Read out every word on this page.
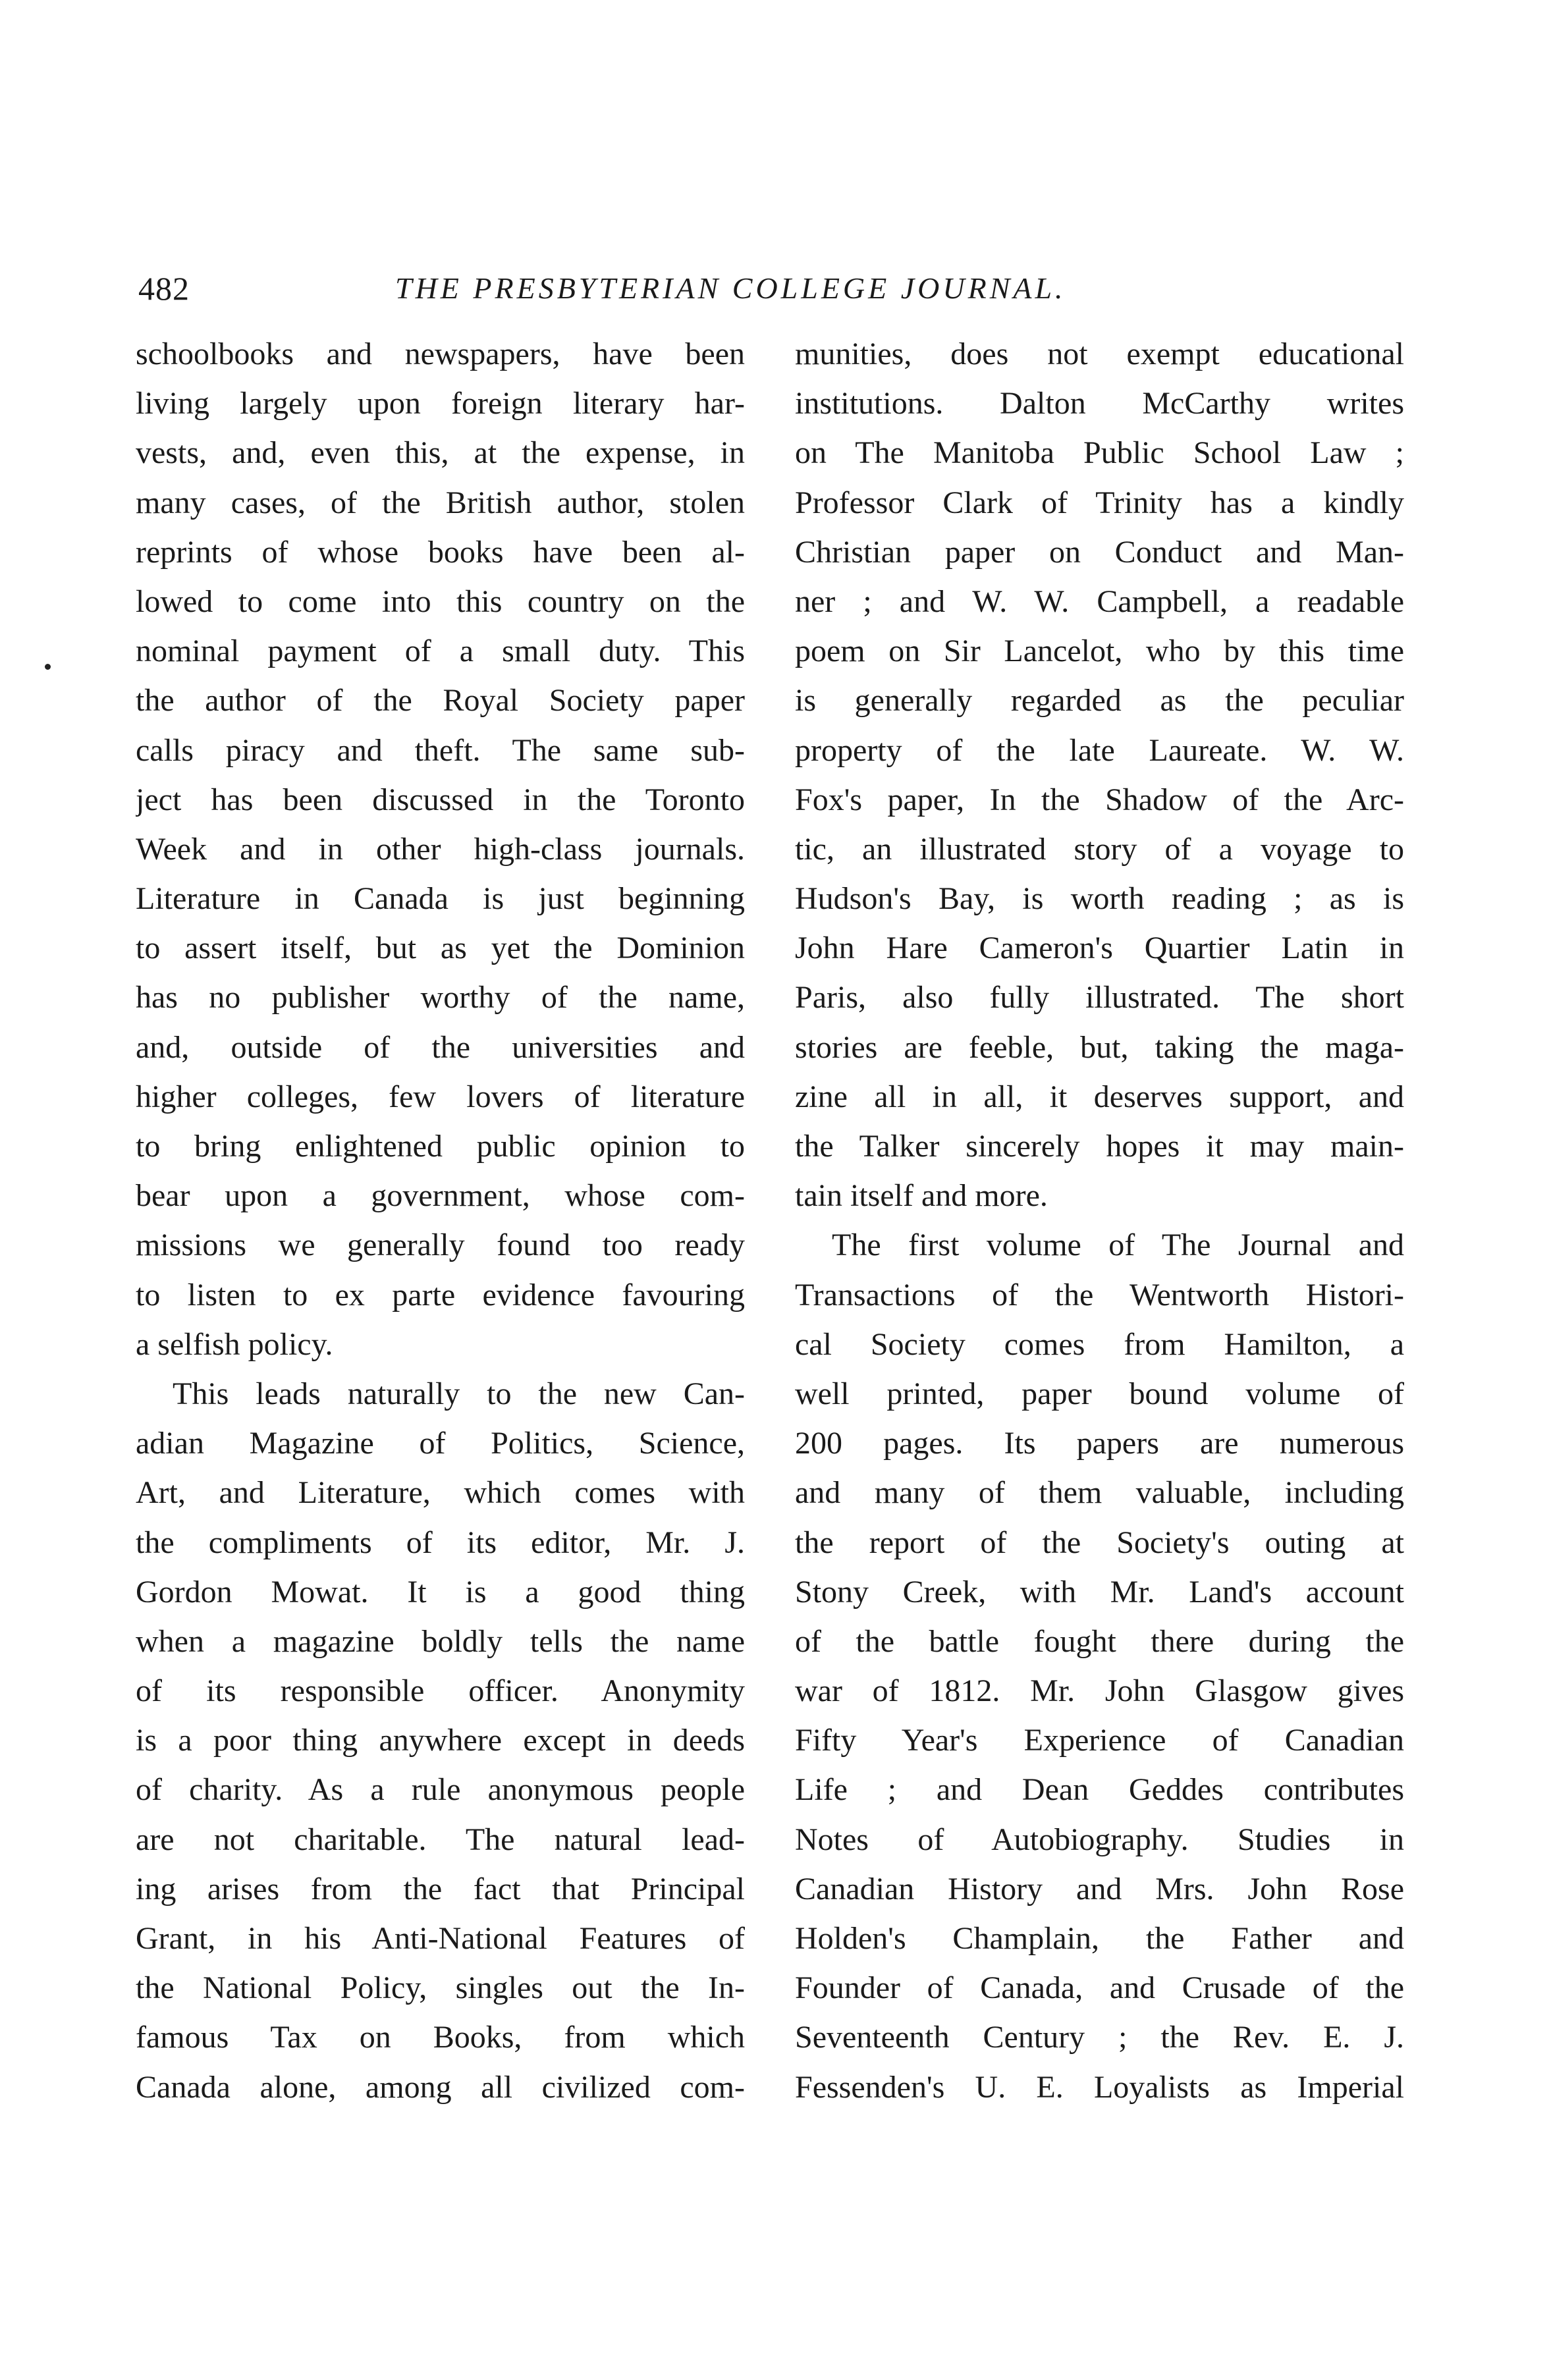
482	THE PRESBYTERIAN COLLEGE JOURNAL.
schoolbooks and newspapers, have been
living largely upon foreign literary har-
vests, and, even this, at the expense, in
many cases, of the British author, stolen
reprints of whose books have been al-
lowed to come into this country on the
nominal payment of a small duty. This
the author of the Royal Society paper
calls piracy and theft. The same sub-
ject has been discussed in the Toronto
Week and in other high-class journals.
Literature in Canada is just beginning
to assert itself, but as yet the Dominion
has no publisher worthy of the name,
and, outside of the universities and
higher colleges, few lovers of literature
to bring enlightened public opinion to
bear upon a government, whose com-
missions we generally found too ready
to listen to ex parte evidence favouring
a selfish policy.
This leads naturally to the new Can-
adian Magazine of Politics, Science,
Art, and Literature, which comes with
the compliments of its editor, Mr. J.
Gordon Mowat. It is a good thing
when a magazine boldly tells the name
of its responsible officer. Anonymity
is a poor thing anywhere except in deeds
of charity. As a rule anonymous people
are not charitable. The natural lead-
ing arises from the fact that Principal
Grant, in his Anti-National Features of
the National Policy, singles out the In-
famous Tax on Books, from which
Canada alone, among all civilized com-
munities, does not exempt educational
institutions. Dalton McCarthy writes
on The Manitoba Public School Law ;
Professor Clark of Trinity has a kindly
Christian paper on Conduct and Man-
ner ; and W. W. Campbell, a readable
poem on Sir Lancelot, who by this time
is generally regarded as the peculiar
property of the late Laureate. W. W.
Fox's paper, In the Shadow of the Arc-
tic, an illustrated story of a voyage to
Hudson's Bay, is worth reading ; as is
John Hare Cameron's Quartier Latin in
Paris, also fully illustrated. The short
stories are feeble, but, taking the maga-
zine all in all, it deserves support, and
the Talker sincerely hopes it may main-
tain itself and more.
The first volume of The Journal and
Transactions of the Wentworth Histori-
cal Society comes from Hamilton, a
well printed, paper bound volume of
200 pages. Its papers are numerous
and many of them valuable, including
the report of the Society's outing at
Stony Creek, with Mr. Land's account
of the battle fought there during the
war of 1812. Mr. John Glasgow gives
Fifty Year's Experience of Canadian
Life ; and Dean Geddes contributes
Notes of Autobiography. Studies in
Canadian History and Mrs. John Rose
Holden's Champlain, the Father and
Founder of Canada, and Crusade of the
Seventeenth Century ; the Rev. E. J.
Fessenden's U. E. Loyalists as Imperial
